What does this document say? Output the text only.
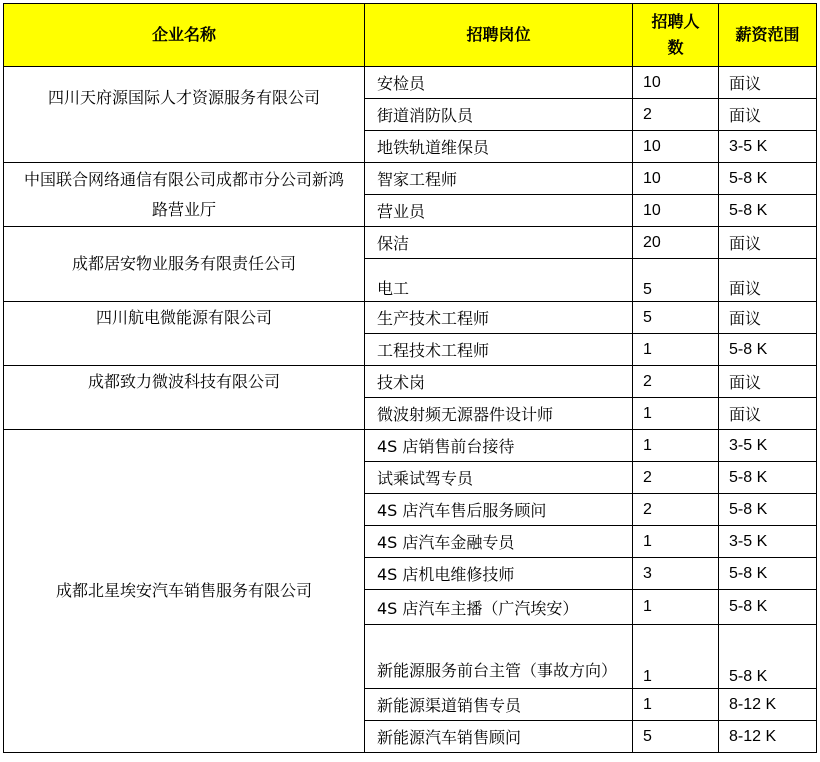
企业名称	招聘岗位	招聘人数	薪资范围
四川天府源国际人才资源服务有限公司	安检员	10	面议
	街道消防队员	2	面议
	地铁轨道维保员	10	3-5 K
中国联合网络通信有限公司成都市分公司新鸿路营业厅	智家工程师	10	5-8 K
	营业员	10	5-8 K
成都居安物业服务有限责任公司	保洁	20	面议
	电工	5	面议
四川航电微能源有限公司	生产技术工程师	5	面议
	工程技术工程师	1	5-8 K
成都致力微波科技有限公司	技术岗	2	面议
	微波射频无源器件设计师	1	面议
成都北星埃安汽车销售服务有限公司	4S 店销售前台接待	1	3-5 K
	试乘试驾专员	2	5-8 K
	4S 店汽车售后服务顾问	2	5-8 K
	4S 店汽车金融专员	1	3-5 K
	4S 店机电维修技师	3	5-8 K
	4S 店汽车主播（广汽埃安）	1	5-8 K
	新能源服务前台主管（事故方向）	1	5-8 K
	新能源渠道销售专员	1	8-12 K
	新能源汽车销售顾问	5	8-12 K
